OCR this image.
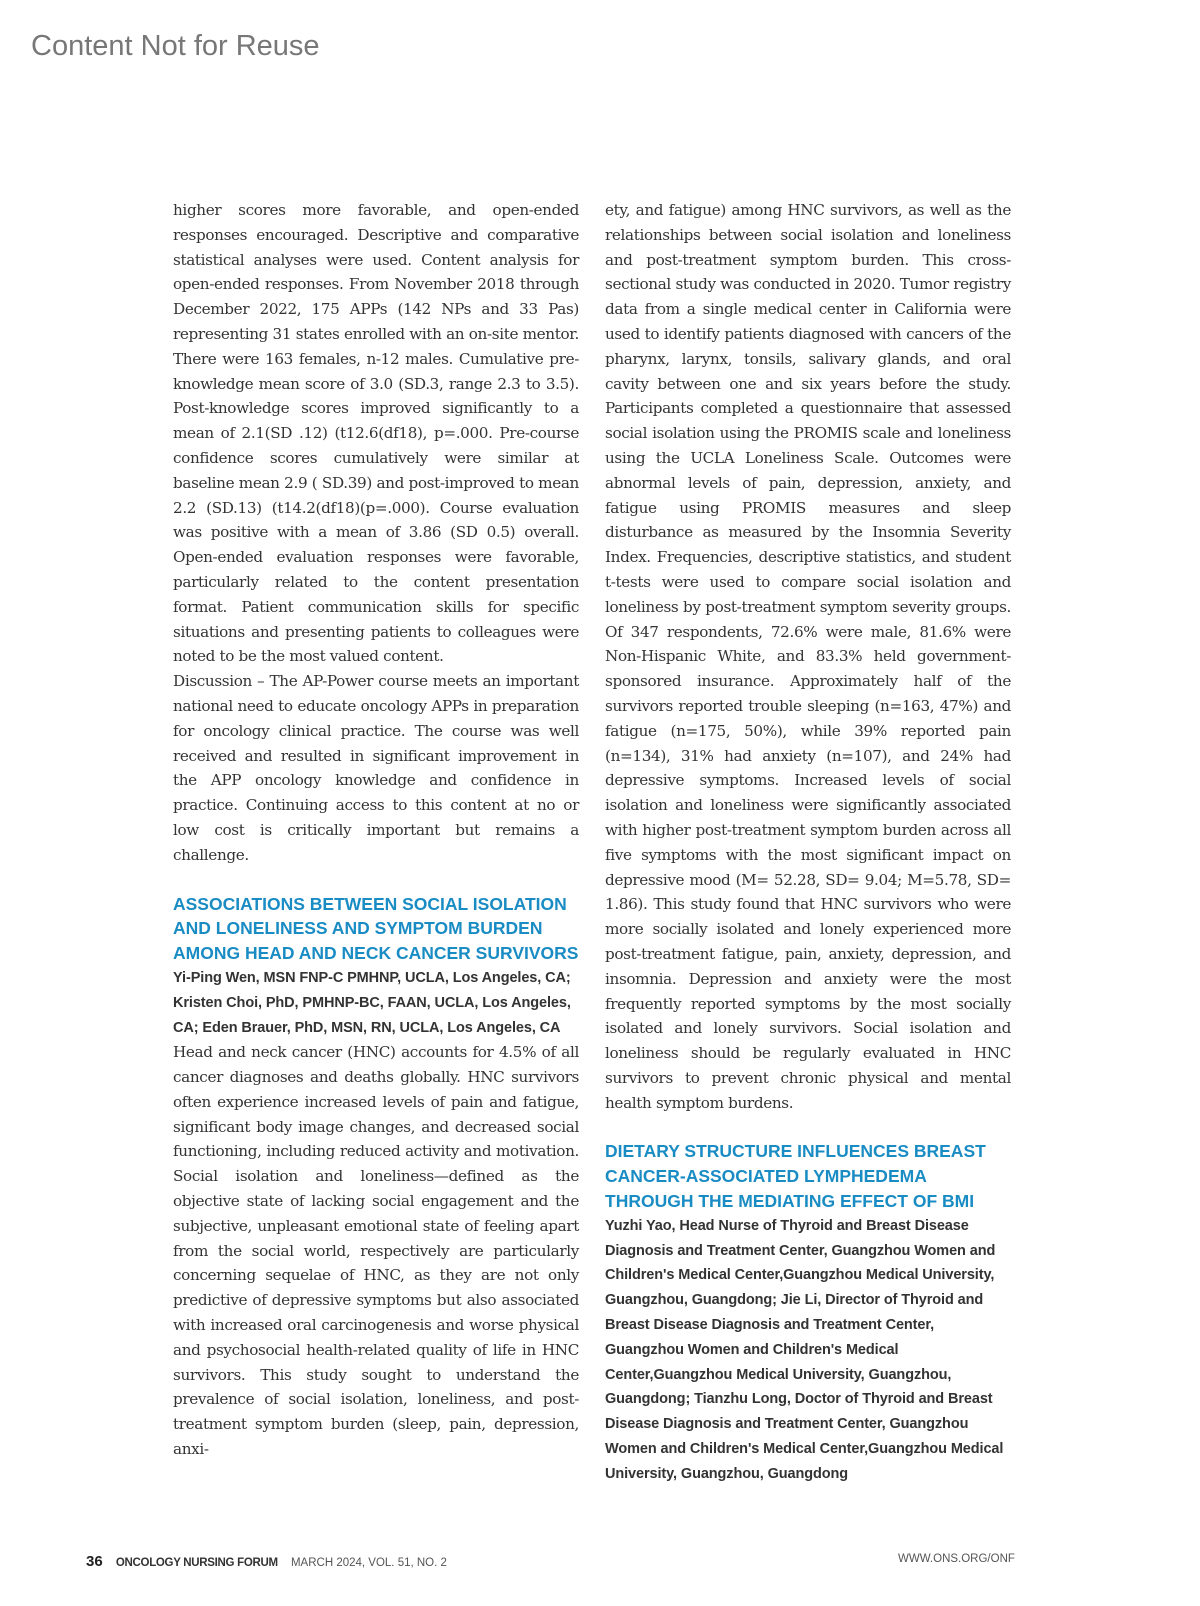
Content Not for Reuse

higher scores more favorable, and open-ended responses encouraged. Descriptive and comparative statistical analyses were used. Content analysis for open-ended responses. From November 2018 through December 2022, 175 APPs (142 NPs and 33 Pas) representing 31 states enrolled with an on-site mentor. There were 163 females, n-12 males. Cumulative pre-knowledge mean score of 3.0 (SD.3, range 2.3 to 3.5). Post-knowledge scores improved significantly to a mean of 2.1(SD .12) (t12.6(df18), p=.000. Pre-course confidence scores cumulatively were similar at baseline mean 2.9 ( SD.39) and post-improved to mean 2.2 (SD.13) (t14.2(df18)(p=.000). Course evaluation was positive with a mean of 3.86 (SD 0.5) overall. Open-ended evaluation responses were favorable, particularly related to the content presentation format. Patient communication skills for specific situations and presenting patients to colleagues were noted to be the most valued content.

Discussion – The AP-Power course meets an important national need to educate oncology APPs in preparation for oncology clinical practice. The course was well received and resulted in significant improvement in the APP oncology knowledge and confidence in practice. Continuing access to this content at no or low cost is critically important but remains a challenge.

ASSOCIATIONS BETWEEN SOCIAL ISOLATION AND LONELINESS AND SYMPTOM BURDEN AMONG HEAD AND NECK CANCER SURVIVORS

Yi-Ping Wen, MSN FNP-C PMHNP, UCLA, Los Angeles, CA; Kristen Choi, PhD, PMHNP-BC, FAAN, UCLA, Los Angeles, CA; Eden Brauer, PhD, MSN, RN, UCLA, Los Angeles, CA

Head and neck cancer (HNC) accounts for 4.5% of all cancer diagnoses and deaths globally. HNC survivors often experience increased levels of pain and fatigue, significant body image changes, and decreased social functioning, including reduced activity and motivation. Social isolation and loneliness—defined as the objective state of lacking social engagement and the subjective, unpleasant emotional state of feeling apart from the social world, respectively are particularly concerning sequelae of HNC, as they are not only predictive of depressive symptoms but also associated with increased oral carcinogenesis and worse physical and psychosocial health-related quality of life in HNC survivors. This study sought to understand the prevalence of social isolation, loneliness, and post-treatment symptom burden (sleep, pain, depression, anxi-

ety, and fatigue) among HNC survivors, as well as the relationships between social isolation and loneliness and post-treatment symptom burden. This cross-sectional study was conducted in 2020. Tumor registry data from a single medical center in California were used to identify patients diagnosed with cancers of the pharynx, larynx, tonsils, salivary glands, and oral cavity between one and six years before the study. Participants completed a questionnaire that assessed social isolation using the PROMIS scale and loneliness using the UCLA Loneliness Scale. Outcomes were abnormal levels of pain, depression, anxiety, and fatigue using PROMIS measures and sleep disturbance as measured by the Insomnia Severity Index. Frequencies, descriptive statistics, and student t-tests were used to compare social isolation and loneliness by post-treatment symptom severity groups. Of 347 respondents, 72.6% were male, 81.6% were Non-Hispanic White, and 83.3% held government-sponsored insurance. Approximately half of the survivors reported trouble sleeping (n=163, 47%) and fatigue (n=175, 50%), while 39% reported pain (n=134), 31% had anxiety (n=107), and 24% had depressive symptoms. Increased levels of social isolation and loneliness were significantly associated with higher post-treatment symptom burden across all five symptoms with the most significant impact on depressive mood (M= 52.28, SD= 9.04; M=5.78, SD= 1.86). This study found that HNC survivors who were more socially isolated and lonely experienced more post-treatment fatigue, pain, anxiety, depression, and insomnia. Depression and anxiety were the most frequently reported symptoms by the most socially isolated and lonely survivors. Social isolation and loneliness should be regularly evaluated in HNC survivors to prevent chronic physical and mental health symptom burdens.

DIETARY STRUCTURE INFLUENCES BREAST CANCER-ASSOCIATED LYMPHEDEMA THROUGH THE MEDIATING EFFECT OF BMI

Yuzhi Yao, Head Nurse of Thyroid and Breast Disease Diagnosis and Treatment Center, Guangzhou Women and Children's Medical Center,Guangzhou Medical University, Guangzhou, Guangdong; Jie Li, Director of Thyroid and Breast Disease Diagnosis and Treatment Center, Guangzhou Women and Children's Medical Center,Guangzhou Medical University, Guangzhou, Guangdong; Tianzhu Long, Doctor of Thyroid and Breast Disease Diagnosis and Treatment Center, Guangzhou Women and Children's Medical Center,Guangzhou Medical University, Guangzhou, Guangdong

36 ONCOLOGY NURSING FORUM MARCH 2024, VOL. 51, NO. 2	WWW.ONS.ORG/ONF
